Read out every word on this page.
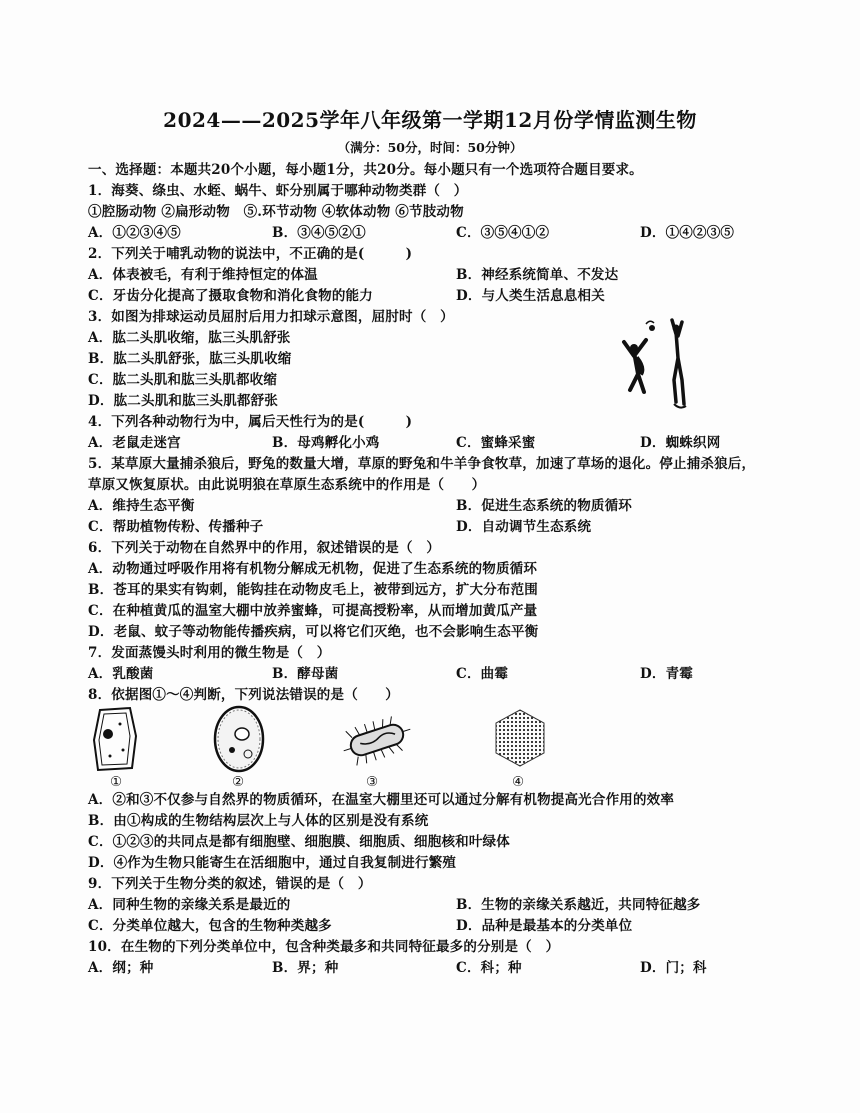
2024——2025学年八年级第一学期12月份学情监测生物
（满分：50分，时间：50分钟）
一、选择题：本题共20个小题，每小题1分，共20分。每小题只有一个选项符合题目要求。
1．海葵、绦虫、水蛭、蜗牛、虾分别属于哪种动物类群（　）
①腔肠动物 ②扁形动物　⑤.环节动物 ④软体动物 ⑥节肢动物
A．①②③④⑤	B．③④⑤②①	C．③⑤④①②	D．①④②③⑤
2．下列关于哺乳动物的说法中，不正确的是(　　　)
A．体表被毛，有利于维持恒定的体温	B．神经系统简单、不发达
C．牙齿分化提高了摄取食物和消化食物的能力	D．与人类生活息息相关
3．如图为排球运动员屈肘后用力扣球示意图，屈肘时（　）
A．肱二头肌收缩，肱三头肌舒张
B．肱二头肌舒张，肱三头肌收缩
C．肱二头肌和肱三头肌都收缩
D．肱二头肌和肱三头肌都舒张
4．下列各种动物行为中，属后天性行为的是(　　　)
A．老鼠走迷宫	B．母鸡孵化小鸡	C．蜜蜂采蜜	D．蜘蛛织网
5．某草原大量捕杀狼后，野兔的数量大增，草原的野兔和牛羊争食牧草，加速了草场的退化。停止捕杀狼后，
草原又恢复原状。由此说明狼在草原生态系统中的作用是（　　）
A．维持生态平衡	B．促进生态系统的物质循环
C．帮助植物传粉、传播种子	D．自动调节生态系统
6．下列关于动物在自然界中的作用，叙述错误的是（　）
A．动物通过呼吸作用将有机物分解成无机物，促进了生态系统的物质循环
B．苍耳的果实有钩刺，能钩挂在动物皮毛上，被带到远方，扩大分布范围
C．在种植黄瓜的温室大棚中放养蜜蜂，可提高授粉率，从而增加黄瓜产量
D．老鼠、蚊子等动物能传播疾病，可以将它们灭绝，也不会影响生态平衡
7．发面蒸馒头时利用的微生物是（　）
A．乳酸菌	B．酵母菌	C．曲霉	D．青霉
8．依据图①～④判断，下列说法错误的是（　　）
①	②	③	④
A．②和③不仅参与自然界的物质循环，在温室大棚里还可以通过分解有机物提高光合作用的效率
B．由①构成的生物结构层次上与人体的区别是没有系统
C．①②③的共同点是都有细胞壁、细胞膜、细胞质、细胞核和叶绿体
D．④作为生物只能寄生在活细胞中，通过自我复制进行繁殖
9．下列关于生物分类的叙述，错误的是（　）
A．同种生物的亲缘关系是最近的	B．生物的亲缘关系越近，共同特征越多
C．分类单位越大，包含的生物种类越多	D．品种是最基本的分类单位
10．在生物的下列分类单位中，包含种类最多和共同特征最多的分别是（　）
A．纲；种	B．界；种	C．科；种	D．门；科
